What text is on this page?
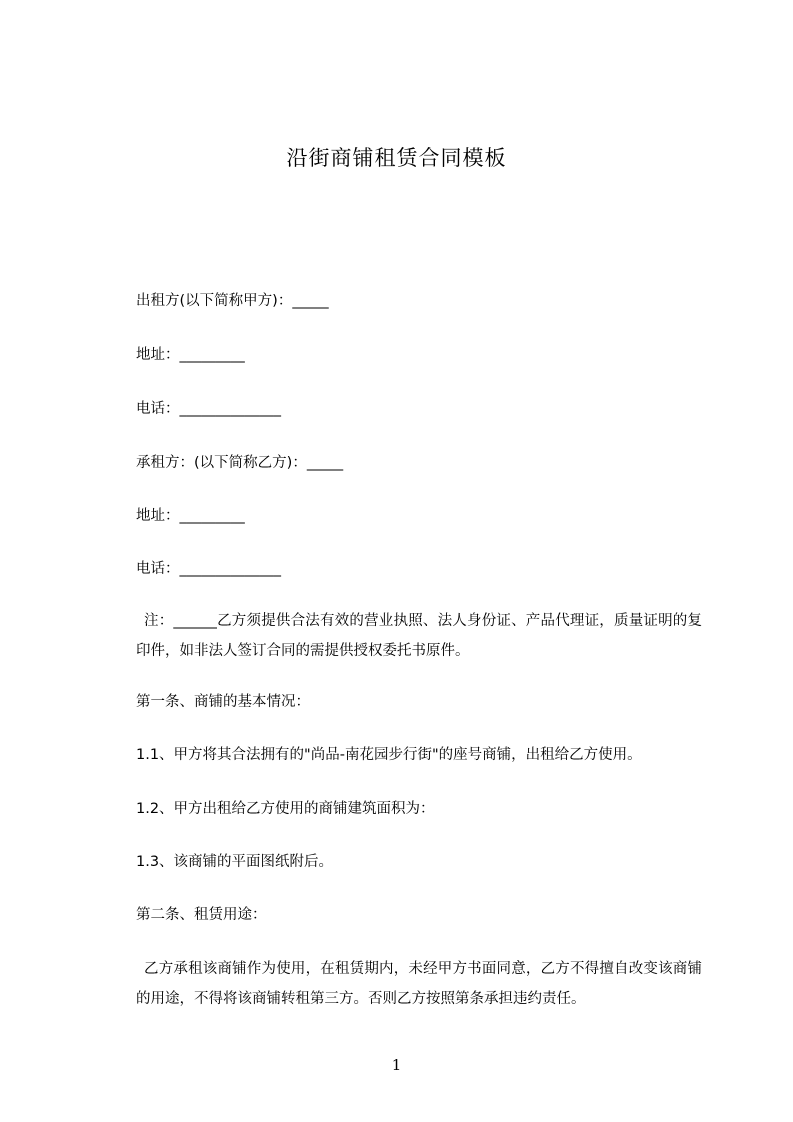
沿街商铺租赁合同模板

出租方(以下简称甲方)：_____

地址：_________

电话：______________

承租方：(以下简称乙方)：_____

地址：_________

电话：______________

注：______乙方须提供合法有效的营业执照、法人身份证、产品代理证，质量证明的复印件，如非法人签订合同的需提供授权委托书原件。

第一条、商铺的基本情况：

1.1、甲方将其合法拥有的"尚品-南花园步行街"的座号商铺，出租给乙方使用。

1.2、甲方出租给乙方使用的商铺建筑面积为：

1.3、该商铺的平面图纸附后。

第二条、租赁用途：

乙方承租该商铺作为使用，在租赁期内，未经甲方书面同意，乙方不得擅自改变该商铺的用途，不得将该商铺转租第三方。否则乙方按照第条承担违约责任。

1
